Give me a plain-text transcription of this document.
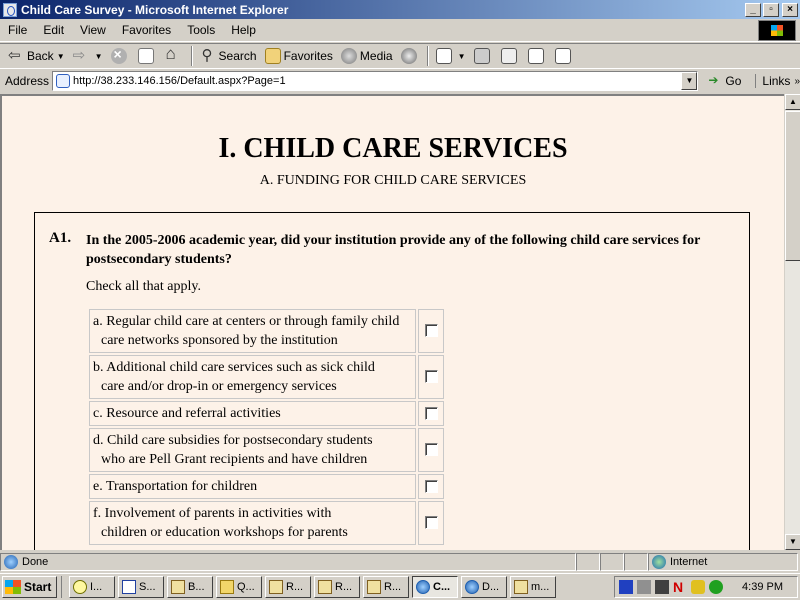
Child Care Survey - Microsoft Internet Explorer	_	▫	×
File	Edit	View	Favorites	Tools	Help
⇦
Back ▼ ⇨	▼ × ⌂ ⚲	Search Favorites Media	▼
Address http://38.233.146.156/Default.aspx?Page=1	▼ ➔	Go Links »
I. CHILD CARE SERVICES
A. FUNDING FOR CHILD CARE SERVICES
A1. In the 2005-2006 academic year, did your institution provide any of the following child care services for postsecondary students?
Check all that apply.
a. Regular child care at centers or through family child
care networks sponsored by the institution	

b. Additional child care services such as sick child
care and/or drop-in or emergency services	

c. Resource and referral activities	
d. Child care subsidies for postsecondary students
who are Pell Grant recipients and have children	

e. Transportation for children	
f. Involvement of parents in activities with
children or education workshops for parents	

▲
▼
Done	Internet
Start	I...	S...	B...	Q...	R...	R...	R...	C...	D...	m...	N	4:39 PM
